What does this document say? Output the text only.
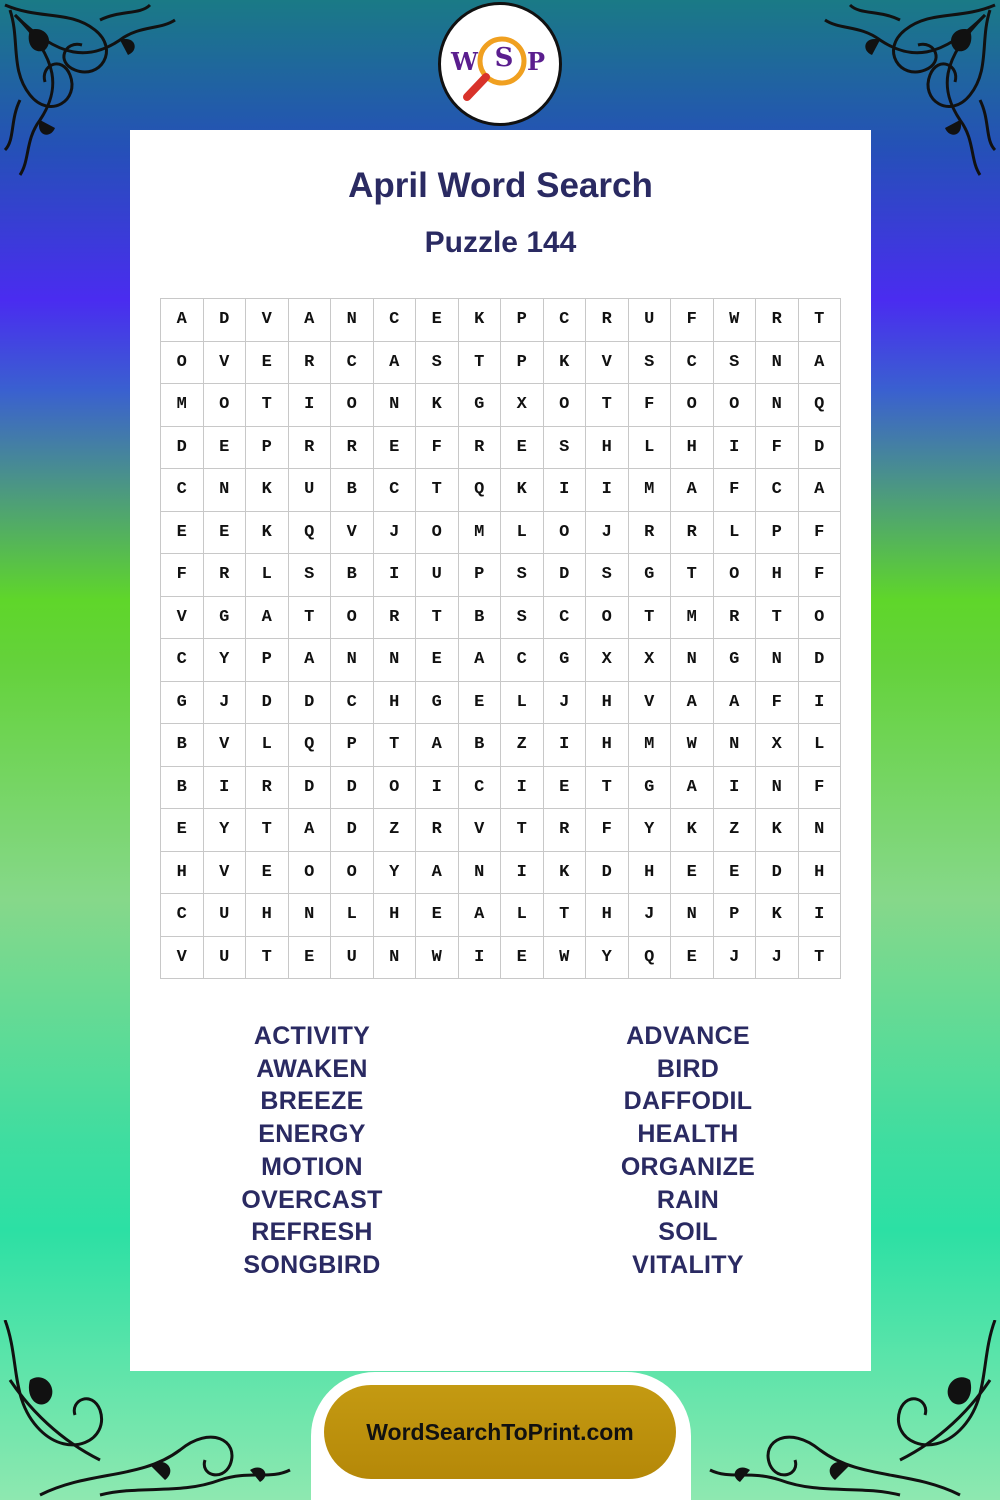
W S P
April Word Search
Puzzle 144
A	D	V	A	N	C	E	K	P	C	R	U	F	W	R	T
O	V	E	R	C	A	S	T	P	K	V	S	C	S	N	A
M	O	T	I	O	N	K	G	X	O	T	F	O	O	N	Q
D	E	P	R	R	E	F	R	E	S	H	L	H	I	F	D
C	N	K	U	B	C	T	Q	K	I	I	M	A	F	C	A
E	E	K	Q	V	J	O	M	L	O	J	R	R	L	P	F
F	R	L	S	B	I	U	P	S	D	S	G	T	O	H	F
V	G	A	T	O	R	T	B	S	C	O	T	M	R	T	O
C	Y	P	A	N	N	E	A	C	G	X	X	N	G	N	D
G	J	D	D	C	H	G	E	L	J	H	V	A	A	F	I
B	V	L	Q	P	T	A	B	Z	I	H	M	W	N	X	L
B	I	R	D	D	O	I	C	I	E	T	G	A	I	N	F
E	Y	T	A	D	Z	R	V	T	R	F	Y	K	Z	K	N
H	V	E	O	O	Y	A	N	I	K	D	H	E	E	D	H
C	U	H	N	L	H	E	A	L	T	H	J	N	P	K	I
V	U	T	E	U	N	W	I	E	W	Y	Q	E	J	J	T
ACTIVITY
AWAKEN
BREEZE
ENERGY
MOTION
OVERCAST
REFRESH
SONGBIRD
ADVANCE
BIRD
DAFFODIL
HEALTH
ORGANIZE
RAIN
SOIL
VITALITY
WordSearchToPrint.com
